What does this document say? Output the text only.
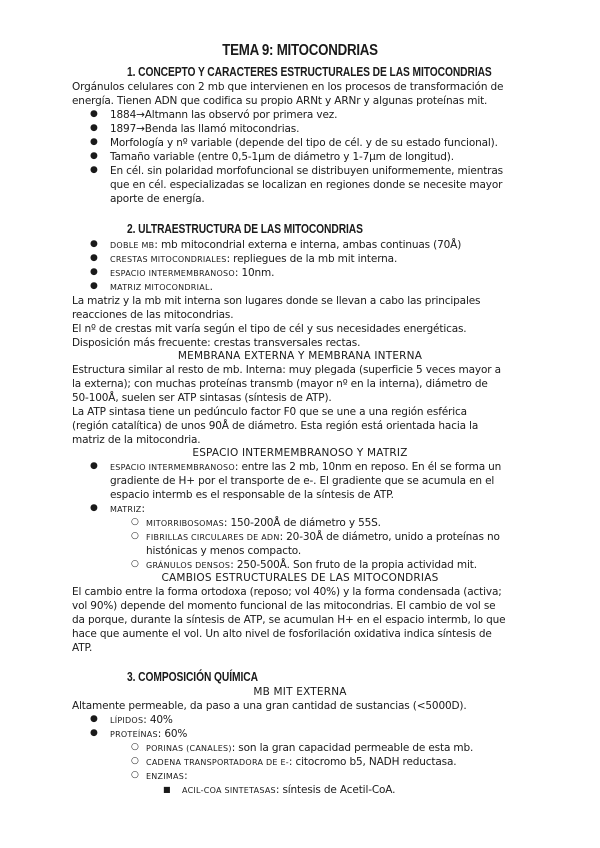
TEMA 9: MITOCONDRIAS
1. CONCEPTO Y CARACTERES ESTRUCTURALES DE LAS MITOCONDRIAS
Orgánulos celulares con 2 mb que intervienen en los procesos de transformación de
energía. Tienen ADN que codifica su propio ARNt y ARNr y algunas proteínas mit.
● 1884→Altmann las observó por primera vez.
● 1897→Benda las llamó mitocondrias.
● Morfología y nº variable (depende del tipo de cél. y de su estado funcional).
● Tamaño variable (entre 0,5-1μm de diámetro y 1-7μm de longitud).
● En cél. sin polaridad morfofuncional se distribuyen uniformemente, mientras
que en cél. especializadas se localizan en regiones donde se necesite mayor
aporte de energía.
2. ULTRAESTRUCTURA DE LAS MITOCONDRIAS
● DOBLE MB: mb mitocondrial externa e interna, ambas continuas (70Å)
● CRESTAS MITOCONDRIALES: repliegues de la mb mit interna.
● ESPACIO INTERMEMBRANOSO: 10nm.
● MATRIZ MITOCONDRIAL.
La matriz y la mb mit interna son lugares donde se llevan a cabo las principales
reacciones de las mitocondrias.
El nº de crestas mit varía según el tipo de cél y sus necesidades energéticas.
Disposición más frecuente: crestas transversales rectas.
MEMBRANA EXTERNA Y MEMBRANA INTERNA
Estructura similar al resto de mb. Interna: muy plegada (superficie 5 veces mayor a
la externa); con muchas proteínas transmb (mayor nº en la interna), diámetro de
50-100Å, suelen ser ATP sintasas (síntesis de ATP).
La ATP sintasa tiene un pedúnculo factor F0 que se une a una región esférica
(región catalítica) de unos 90Å de diámetro. Esta región está orientada hacia la
matriz de la mitocondria.
ESPACIO INTERMEMBRANOSO Y MATRIZ
● ESPACIO INTERMEMBRANOSO: entre las 2 mb, 10nm en reposo. En él se forma un
gradiente de H+ por el transporte de e-. El gradiente que se acumula en el
espacio intermb es el responsable de la síntesis de ATP.
● MATRIZ:
○ MITORRIBOSOMAS: 150-200Å de diámetro y 55S.
○ FIBRILLAS CIRCULARES DE ADN: 20-30Å de diámetro, unido a proteínas no
histónicas y menos compacto.
○ GRÁNULOS DENSOS: 250-500Å. Son fruto de la propia actividad mit.
CAMBIOS ESTRUCTURALES DE LAS MITOCONDRIAS
El cambio entre la forma ortodoxa (reposo; vol 40%) y la forma condensada (activa;
vol 90%) depende del momento funcional de las mitocondrias. El cambio de vol se
da porque, durante la síntesis de ATP, se acumulan H+ en el espacio intermb, lo que
hace que aumente el vol. Un alto nivel de fosforilación oxidativa indica síntesis de
ATP.
3. COMPOSICIÓN QUÍMICA
MB MIT EXTERNA
Altamente permeable, da paso a una gran cantidad de sustancias (<5000D).
● LÍPIDOS: 40%
● PROTEÍNAS: 60%
○ PORINAS (CANALES): son la gran capacidad permeable de esta mb.
○ CADENA TRANSPORTADORA DE E-: citocromo b5, NADH reductasa.
○ ENZIMAS:
■ ACIL-COA SINTETASAS: síntesis de Acetil-CoA.
